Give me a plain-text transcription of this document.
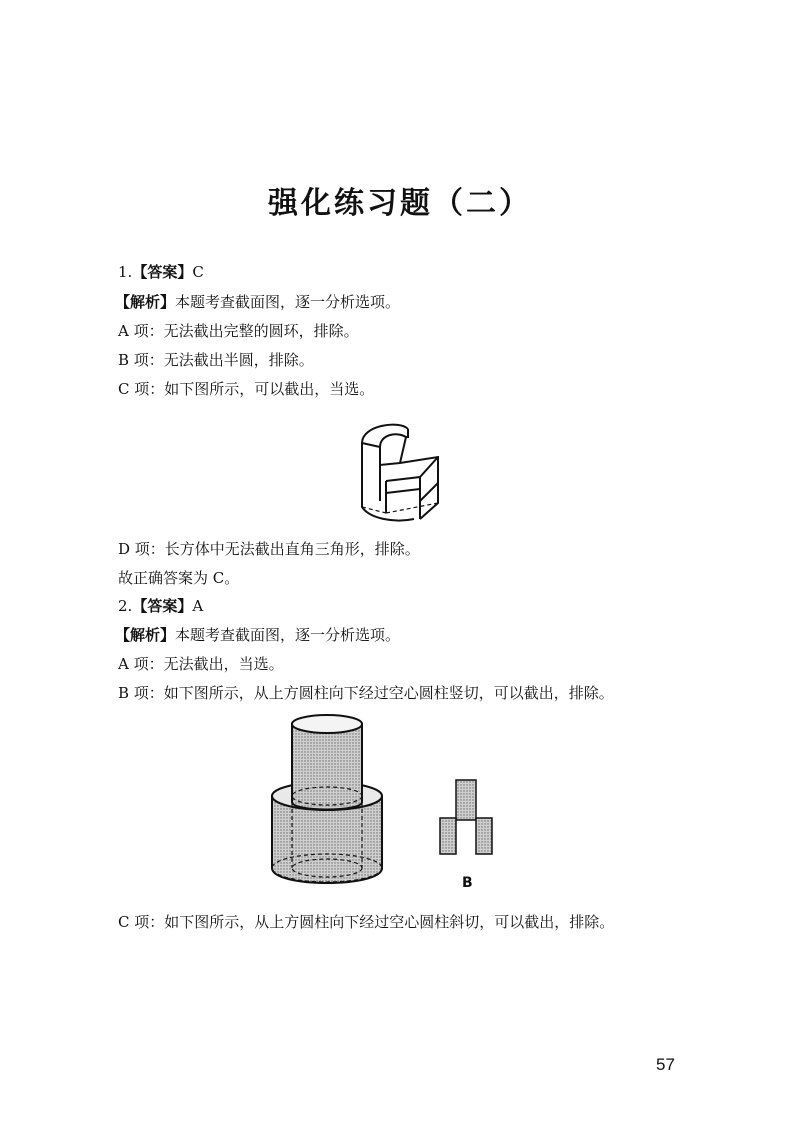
强化练习题（二）
1.【答案】C
【解析】本题考查截面图，逐一分析选项。
A 项：无法截出完整的圆环，排除。
B 项：无法截出半圆，排除。
C 项：如下图所示，可以截出，当选。
D 项：长方体中无法截出直角三角形，排除。
故正确答案为 C。
2.【答案】A
【解析】本题考查截面图，逐一分析选项。
A 项：无法截出，当选。
B 项：如下图所示，从上方圆柱向下经过空心圆柱竖切，可以截出，排除。
B
C 项：如下图所示，从上方圆柱向下经过空心圆柱斜切，可以截出，排除。
57
